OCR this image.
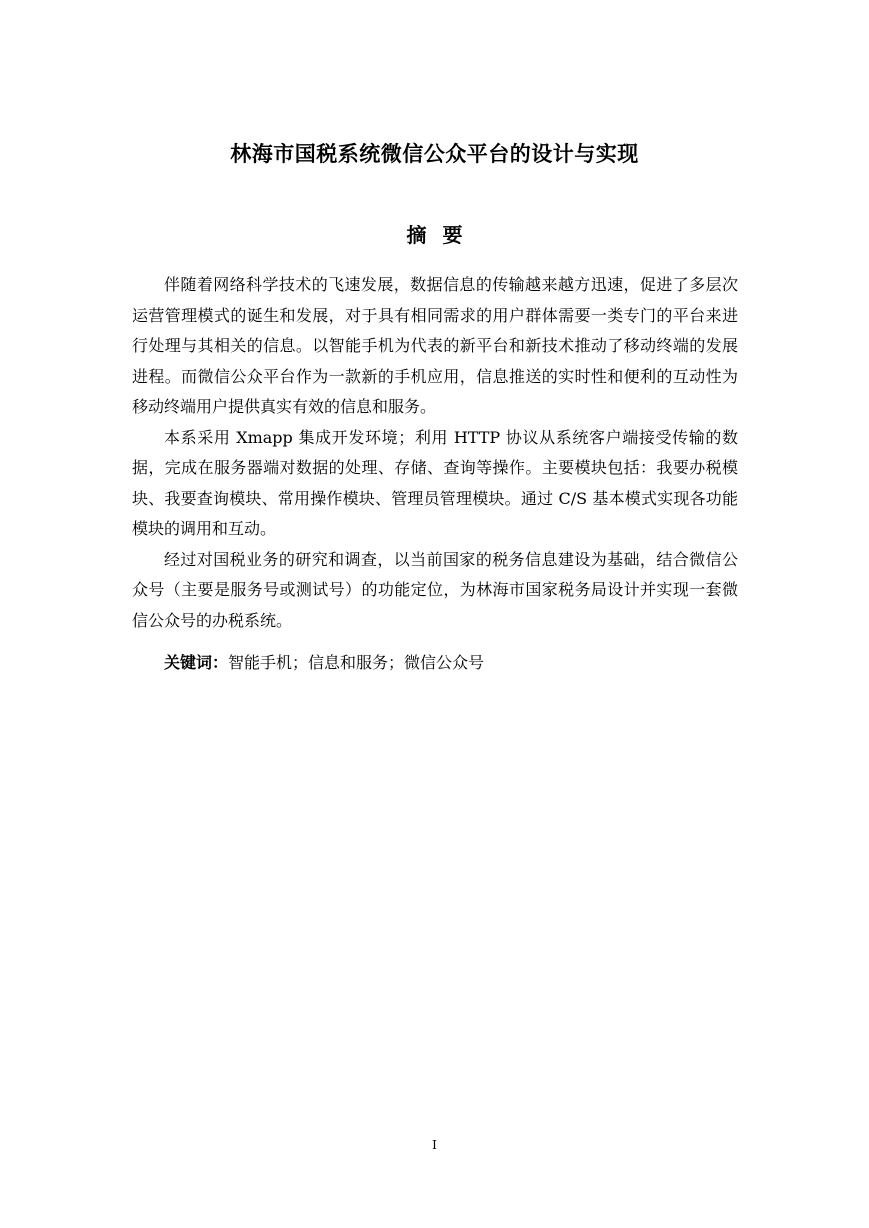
林海市国税系统微信公众平台的设计与实现
摘要

伴随着网络科学技术的飞速发展，数据信息的传输越来越方迅速，促进了多层次运营管理模式的诞生和发展，对于具有相同需求的用户群体需要一类专门的平台来进行处理与其相关的信息。以智能手机为代表的新平台和新技术推动了移动终端的发展进程。而微信公众平台作为一款新的手机应用，信息推送的实时性和便利的互动性为移动终端用户提供真实有效的信息和服务。

本系采用 Xmapp 集成开发环境；利用 HTTP 协议从系统客户端接受传输的数据，完成在服务器端对数据的处理、存储、查询等操作。主要模块包括：我要办税模块、我要查询模块、常用操作模块、管理员管理模块。通过 C/S 基本模式实现各功能模块的调用和互动。

经过对国税业务的研究和调查，以当前国家的税务信息建设为基础，结合微信公众号（主要是服务号或测试号）的功能定位，为林海市国家税务局设计并实现一套微信公众号的办税系统。

关键词：智能手机；信息和服务；微信公众号

I
